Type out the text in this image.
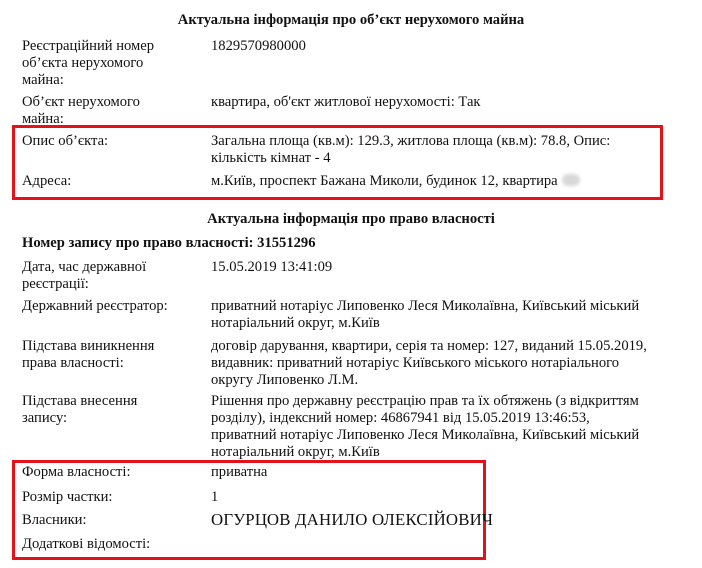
Актуальна інформація про об’єкт нерухомого майна
Реєстраційний номер
об’єкта нерухомого
майна:
1829570980000
Об’єкт нерухомого
майна:
квартира, об'єкт житлової нерухомості: Так
Опис об’єкта:	Загальна площа (кв.м): 129.3, житлова площа (кв.м): 78.8, Опис:
кількість кімнат - 4
Адреса:	м.Київ, проспект Бажана Миколи, будинок 12, квартира
Актуальна інформація про право власності
Номер запису про право власності: 31551296
Дата, час державної
реєстрації:
15.05.2019 13:41:09
Державний реєстратор:	приватний нотаріус Липовенко Леся Миколаївна, Київський міський
нотаріальний округ, м.Київ
Підстава виникнення
права власності:
договір дарування, квартири, серія та номер: 127, виданий 15.05.2019,
видавник: приватний нотаріус Київського міського нотаріального
округу Липовенко Л.М.
Підстава внесення
запису:
Рішення про державну реєстрацію прав та їх обтяжень (з відкриттям
розділу), індексний номер: 46867941 від 15.05.2019 13:46:53,
приватний нотаріус Липовенко Леся Миколаївна, Київський міський
нотаріальний округ, м.Київ
Форма власності:	приватна
Розмір частки:	1
Власники:	ОГУРЦОВ ДАНИЛО ОЛЕКСІЙОВИЧ
Додаткові відомості:
